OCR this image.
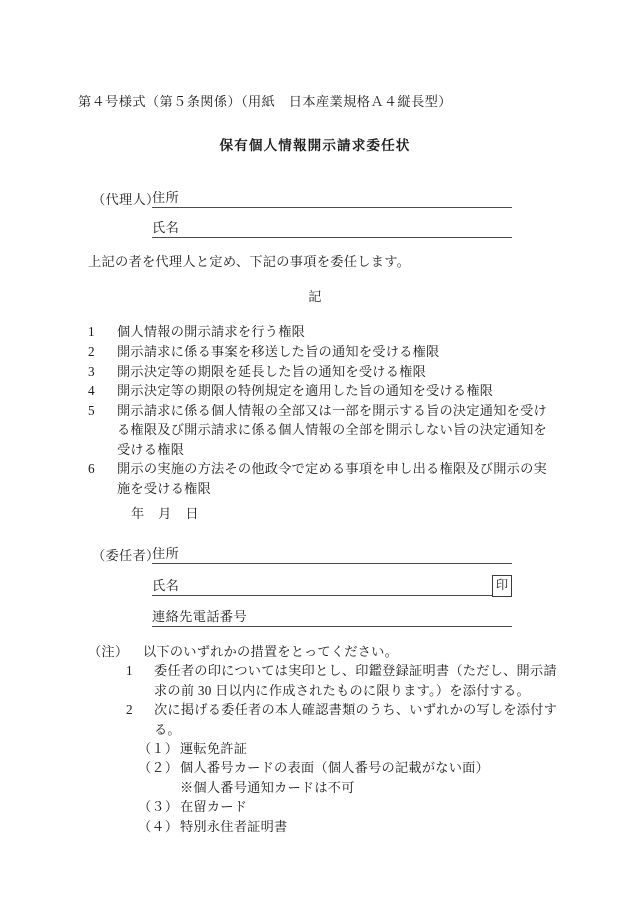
第４号様式（第５条関係）（用紙　日本産業規格Ａ４縦長型）
保有個人情報開示請求委任状
（代理人）
住所
氏名
上記の者を代理人と定め、下記の事項を委任します。
記
1	個人情報の開示請求を行う権限
2	開示請求に係る事案を移送した旨の通知を受ける権限
3	開示決定等の期限を延長した旨の通知を受ける権限
4	開示決定等の期限の特例規定を適用した旨の通知を受ける権限
5	開示請求に係る個人情報の全部又は一部を開示する旨の決定通知を受ける権限及び開示請求に係る個人情報の全部を開示しない旨の決定通知を受ける権限
6	開示の実施の方法その他政令で定める事項を申し出る権限及び開示の実施を受ける権限
年　月　日
（委任者）
住所
氏名	印
連絡先電話番号
（注）	以下のいずれかの措置をとってください。
1	委任者の印については実印とし、印鑑登録証明書（ただし、開示請求の前 30 日以内に作成されたものに限ります。）を添付する。
2	次に掲げる委任者の本人確認書類のうち、いずれかの写しを添付する。
（１） 運転免許証
（２） 個人番号カードの表面（個人番号の記載がない面）
※個人番号通知カードは不可
（３） 在留カード
（４） 特別永住者証明書
